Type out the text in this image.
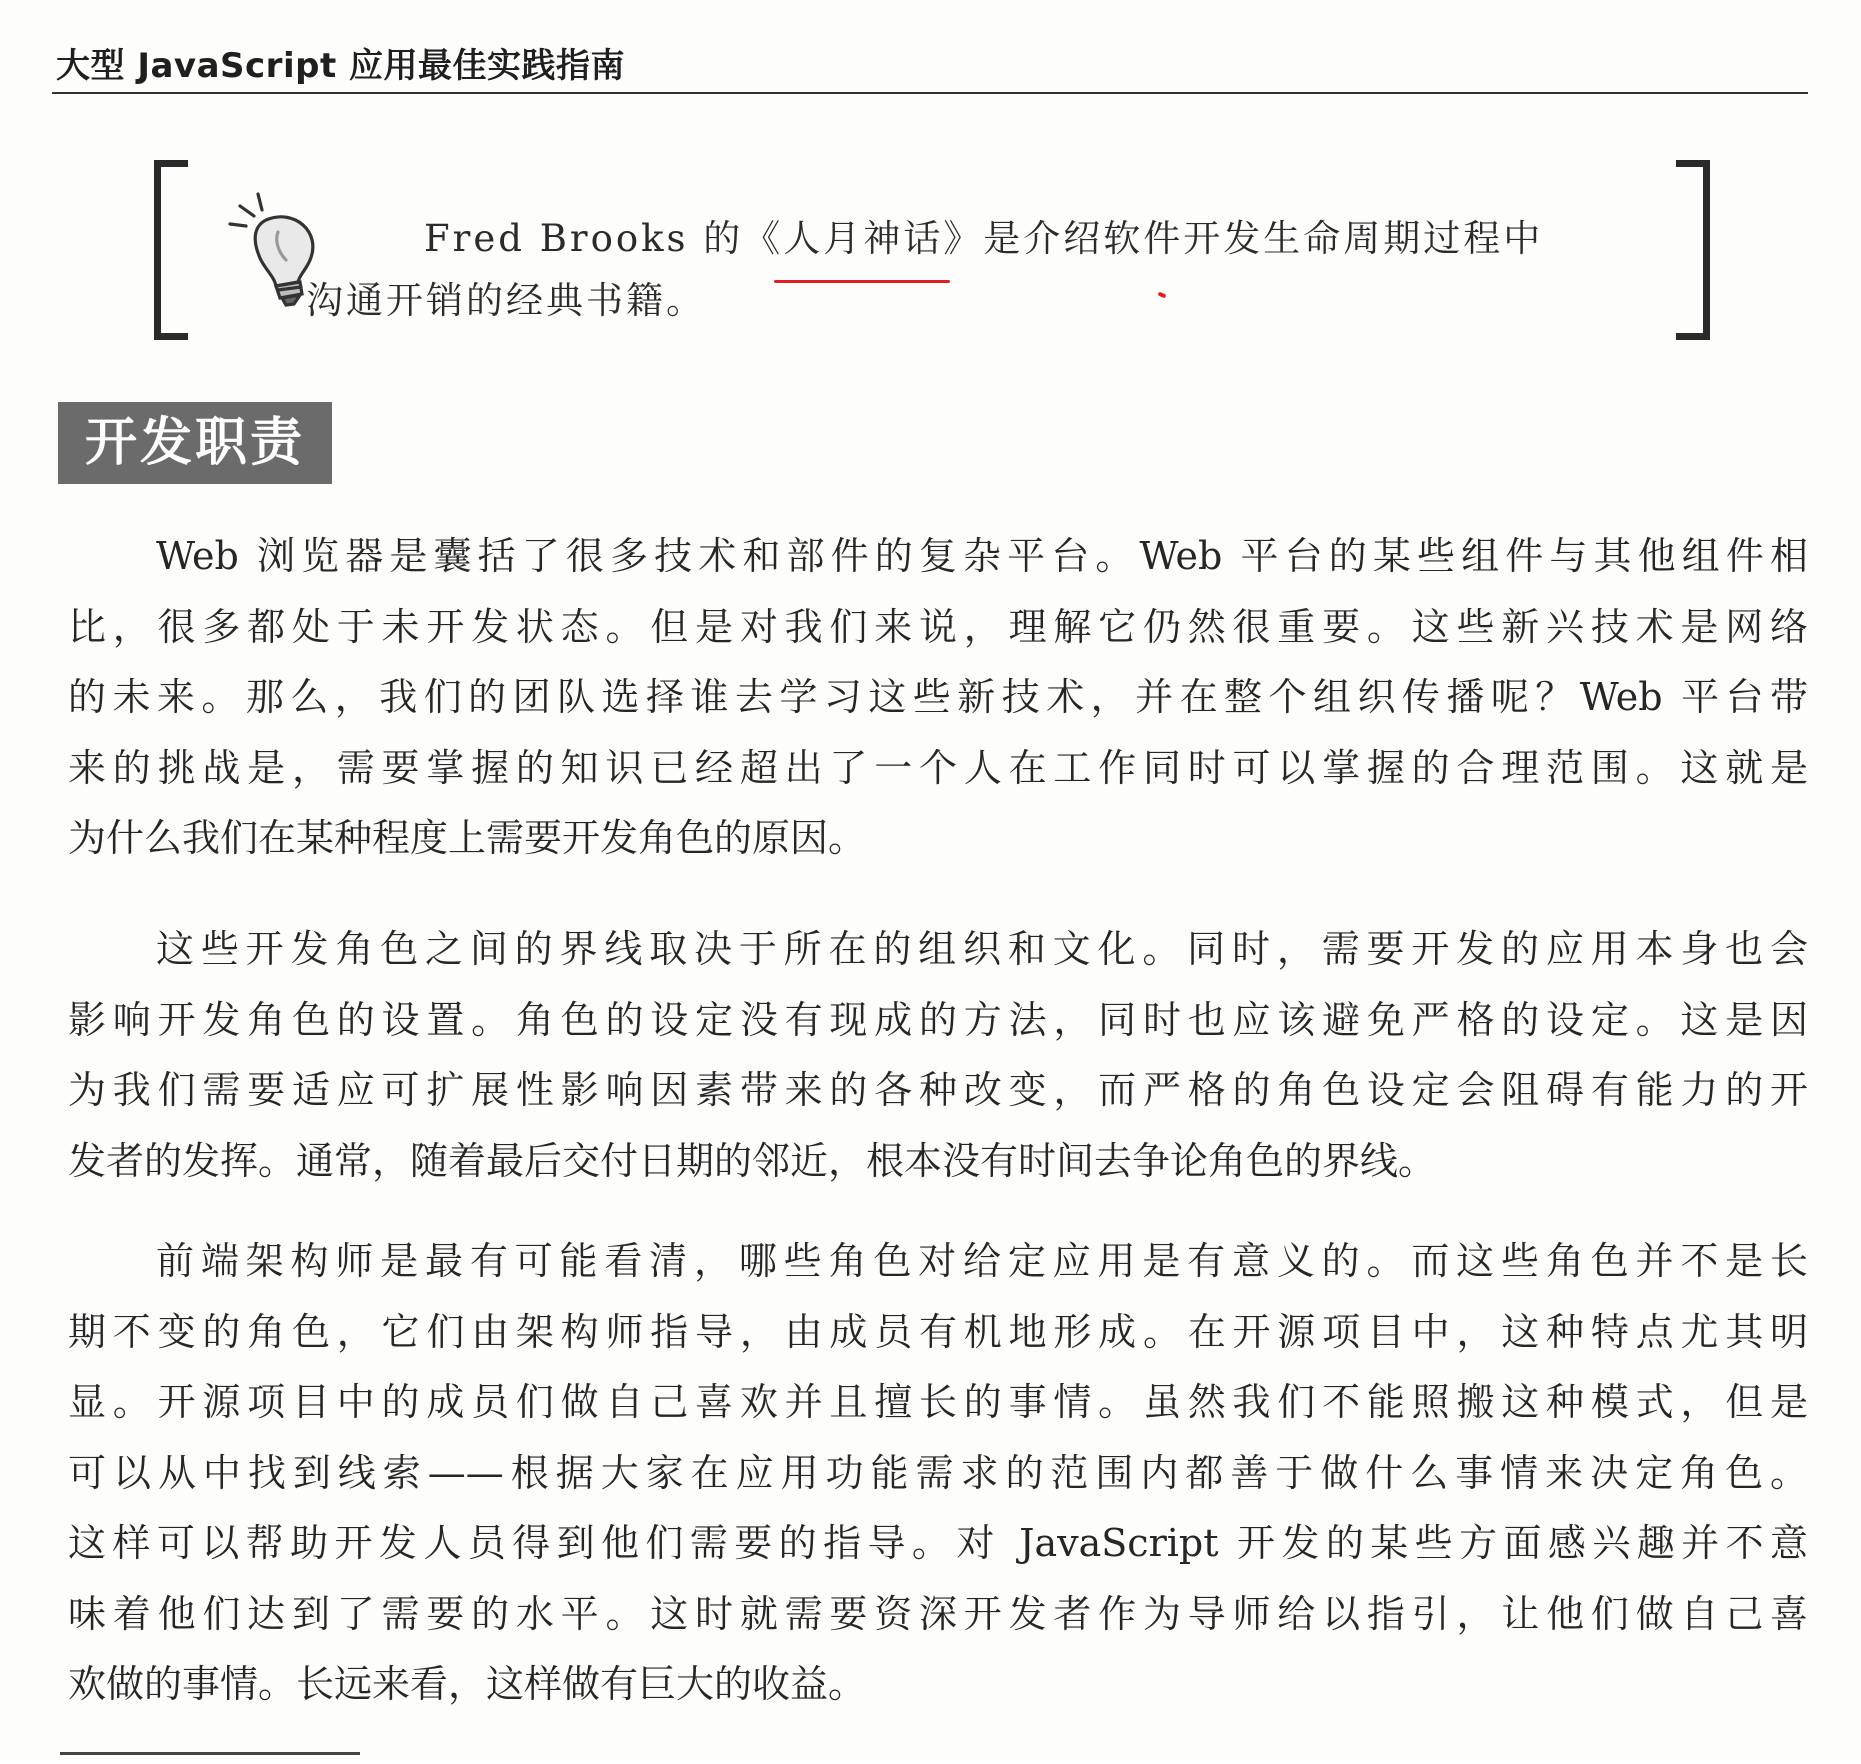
大型 JavaScript 应用最佳实践指南
Fred Brooks 的《人月神话》是介绍软件开发生命周期过程中
沟通开销的经典书籍。
开发职责
Web 浏览器是囊括了很多技术和部件的复杂平台。Web 平台的某些组件与其他组件相
比，很多都处于未开发状态。但是对我们来说，理解它仍然很重要。这些新兴技术是网络
的未来。那么，我们的团队选择谁去学习这些新技术，并在整个组织传播呢？Web 平台带
来的挑战是，需要掌握的知识已经超出了一个人在工作同时可以掌握的合理范围。这就是
为什么我们在某种程度上需要开发角色的原因。
这些开发角色之间的界线取决于所在的组织和文化。同时，需要开发的应用本身也会
影响开发角色的设置。角色的设定没有现成的方法，同时也应该避免严格的设定。这是因
为我们需要适应可扩展性影响因素带来的各种改变，而严格的角色设定会阻碍有能力的开
发者的发挥。通常，随着最后交付日期的邻近，根本没有时间去争论角色的界线。
前端架构师是最有可能看清，哪些角色对给定应用是有意义的。而这些角色并不是长
期不变的角色，它们由架构师指导，由成员有机地形成。在开源项目中，这种特点尤其明
显。开源项目中的成员们做自己喜欢并且擅长的事情。虽然我们不能照搬这种模式，但是
可以从中找到线索——根据大家在应用功能需求的范围内都善于做什么事情来决定角色。
这样可以帮助开发人员得到他们需要的指导。对 JavaScript 开发的某些方面感兴趣并不意
味着他们达到了需要的水平。这时就需要资深开发者作为导师给以指引，让他们做自己喜
欢做的事情。长远来看，这样做有巨大的收益。
